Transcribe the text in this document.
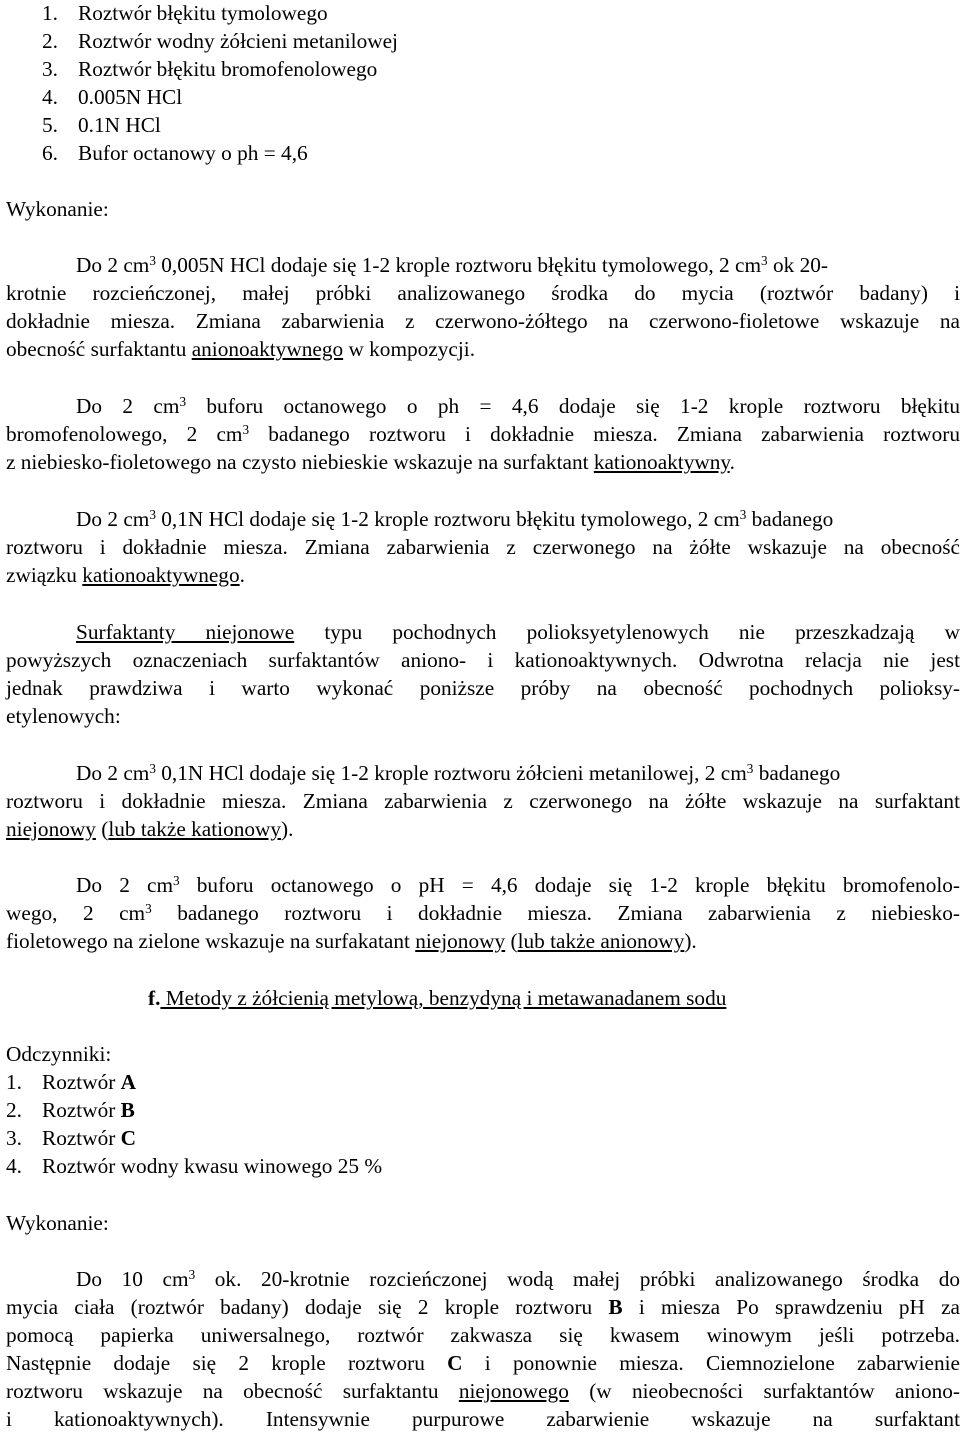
1. Roztwór błękitu tymolowego
2. Roztwór wodny żółcieni metanilowej
3. Roztwór błękitu bromofenolowego
4. 0.005N HCl
5. 0.1N HCl
6. Bufor octanowy o ph = 4,6
Wykonanie:
Do 2 $cm^3$ 0,005N HCl dodaje się 1-2 krople roztworu błękitu tymolowego, 2 $cm^3$ ok 20-
krotnie rozcieńczonej, małej próbki analizowanego środka do mycia (roztwór badany) i
dokładnie miesza. Zmiana zabarwienia z czerwono-żółtego na czerwono-fioletowe wskazuje na
obecność surfaktantu anionoaktywnego w kompozycji.
Do 2 $cm^3$ buforu octanowego o ph = 4,6 dodaje się 1-2 krople roztworu błękitu
bromofenolowego, 2 $cm^3$ badanego roztworu i dokładnie miesza. Zmiana zabarwienia roztworu
z niebiesko-fioletowego na czysto niebieskie wskazuje na surfaktant kationoaktywny.
Do 2 $cm^3$ 0,1N HCl dodaje się 1-2 krople roztworu błękitu tymolowego, 2 $cm^3$ badanego
roztworu i dokładnie miesza. Zmiana zabarwienia z czerwonego na żółte wskazuje na obecność
związku kationoaktywnego.
Surfaktanty niejonowe typu pochodnych polioksyetylenowych nie przeszkadzają w
powyższych oznaczeniach surfaktantów aniono- i kationoaktywnych. Odwrotna relacja nie jest
jednak prawdziwa i warto wykonać poniższe próby na obecność pochodnych polioksy-
etylenowych:
Do 2 $cm^3$ 0,1N HCl dodaje się 1-2 krople roztworu żółcieni metanilowej, 2 $cm^3$ badanego
roztworu i dokładnie miesza. Zmiana zabarwienia z czerwonego na żółte wskazuje na surfaktant
niejonowy (lub także kationowy).
Do 2 $cm^3$ buforu octanowego o pH = 4,6 dodaje się 1-2 krople błękitu bromofenolo-
wego, 2 $cm^3$ badanego roztworu i dokładnie miesza. Zmiana zabarwienia z niebiesko-
fioletowego na zielone wskazuje na surfakatant niejonowy (lub także anionowy).
f. Metody z żółcienią metylową, benzydyną i metawanadanem sodu
Odczynniki:
1. Roztwór A
2. Roztwór B
3. Roztwór C
4. Roztwór wodny kwasu winowego 25 %
Wykonanie:
Do 10 $cm^3$ ok. 20-krotnie rozcieńczonej wodą małej próbki analizowanego środka do
mycia ciała (roztwór badany) dodaje się 2 krople roztworu B i miesza Po sprawdzeniu pH za
pomocą papierka uniwersalnego, roztwór zakwasza się kwasem winowym jeśli potrzeba.
Następnie dodaje się 2 krople roztworu C i ponownie miesza. Ciemnozielone zabarwienie
roztworu wskazuje na obecność surfaktantu niejonowego (w nieobecności surfaktantów aniono-
i kationoaktywnych). Intensywnie purpurowe zabarwienie wskazuje na surfaktant
